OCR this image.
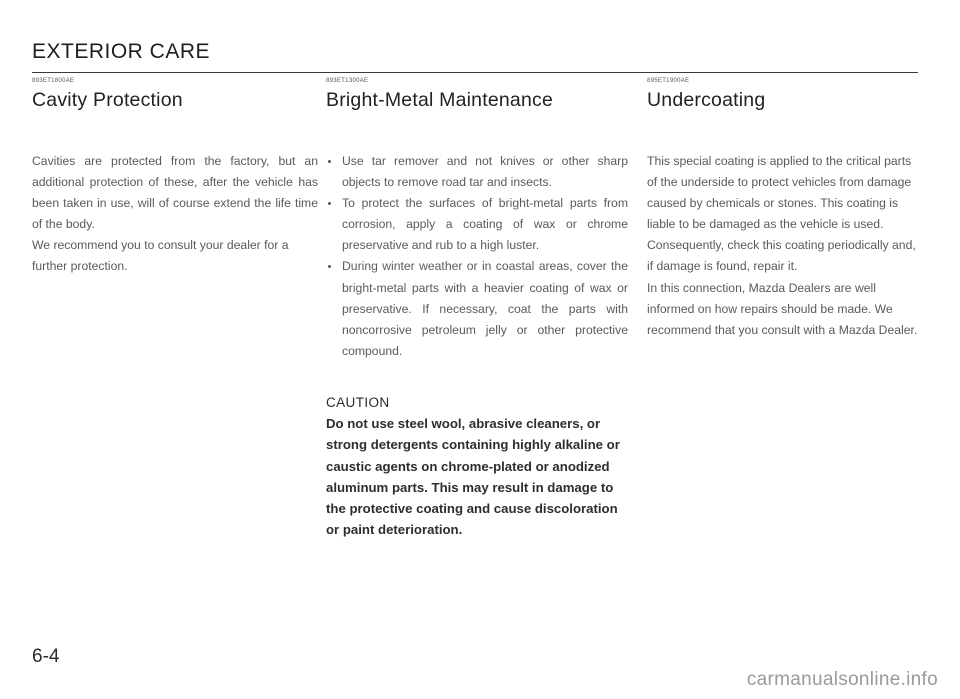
EXTERIOR CARE
893ET1800AE
Cavity Protection
Cavities are protected from the factory, but an additional protection of these, after the vehicle has been taken in use, will of course extend the life time of the body.
We recommend you to consult your dealer for a further protection.
893ET1300AE
Bright-Metal Maintenance
Use tar remover and not knives or other sharp objects to remove road tar and insects.
To protect the surfaces of bright-metal parts from corrosion, apply a coating of wax or chrome preservative and rub to a high luster.
During winter weather or in coastal areas, cover the bright-metal parts with a heavier coating of wax or preservative. If necessary, coat the parts with noncorrosive petroleum jelly or other protective compound.
CAUTION
Do not use steel wool, abrasive cleaners, or strong detergents containing highly alkaline or caustic agents on chrome-plated or anodized aluminum parts. This may result in damage to the protective coating and cause discoloration or paint deterioration.
895ET1900AE
Undercoating
This special coating is applied to the critical parts of the underside to protect vehicles from damage caused by chemicals or stones. This coating is liable to be damaged as the vehicle is used. Consequently, check this coating periodically and, if damage is found, repair it.
In this connection, Mazda Dealers are well informed on how repairs should be made. We recommend that you consult with a Mazda Dealer.
6-4
carmanualsonline.info
